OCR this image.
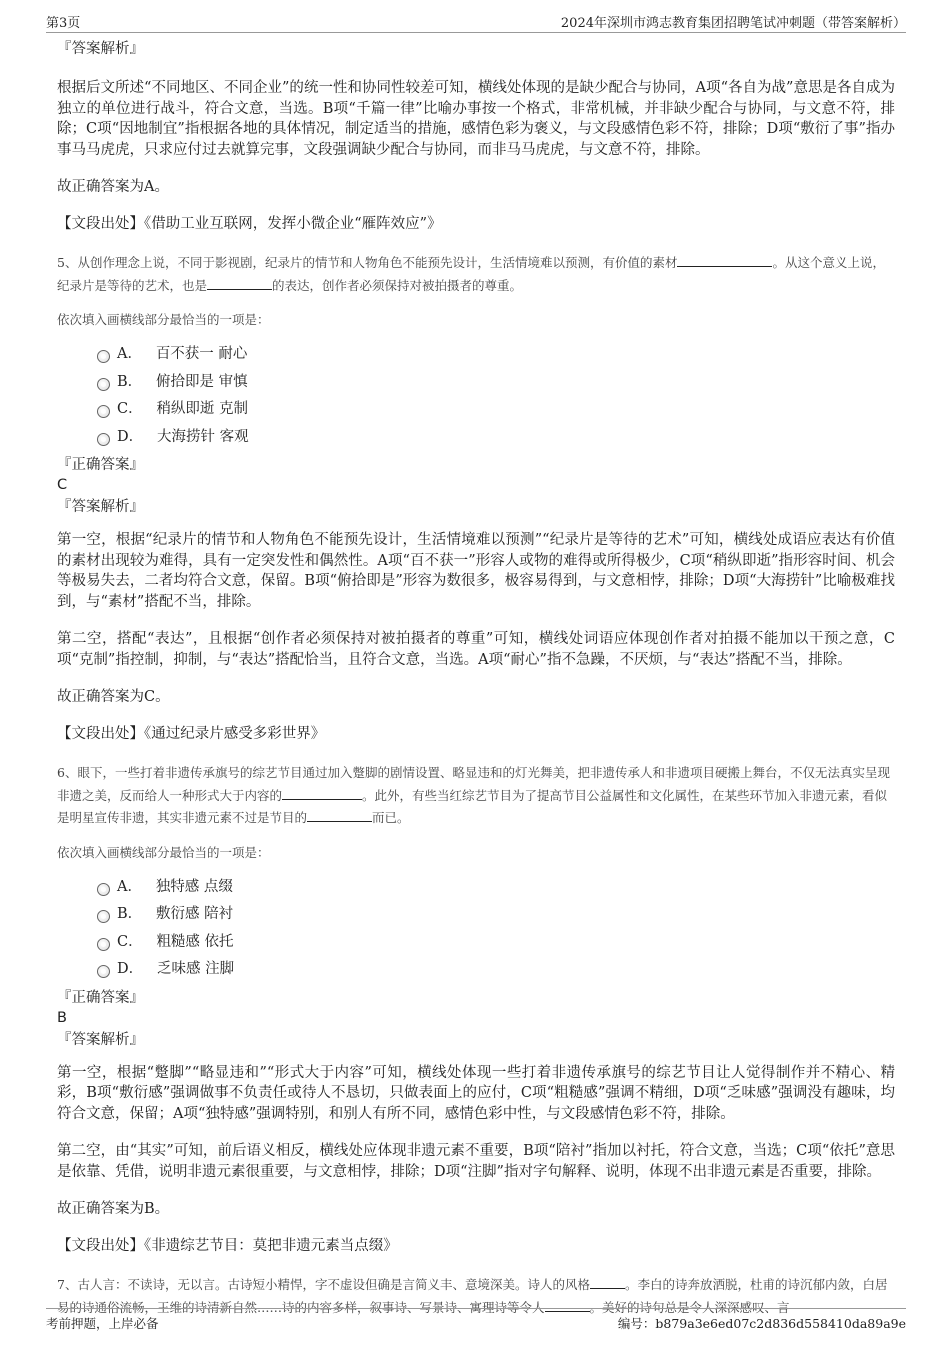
第3页	2024年深圳市鸿志教育集团招聘笔试冲刺题（带答案解析）
『答案解析』

根据后文所述“不同地区、不同企业”的统一性和协同性较差可知，横线处体现的是缺少配合与协同，A项“各自为战”意思是各自成为独立的单位进行战斗，符合文意，当选。B项“千篇一律”比喻办事按一个格式，非常机械，并非缺少配合与协同，与文意不符，排除；C项“因地制宜”指根据各地的具体情况，制定适当的措施，感情色彩为褒义，与文段感情色彩不符，排除；D项“敷衍了事”指办事马马虎虎，只求应付过去就算完事，文段强调缺少配合与协同，而非马马虎虎，与文意不符，排除。

故正确答案为A。

【文段出处】《借助工业互联网，发挥小微企业“雁阵效应”》

5、从创作理念上说，不同于影视剧，纪录片的情节和人物角色不能预先设计，生活情境难以预测，有价值的素材	。从这个意义上说，纪录片是等待的艺术，也是	的表达，创作者必须保持对被拍摄者的尊重。

依次填入画横线部分最恰当的一项是：

A． 百不获一 耐心
B． 俯拾即是 审慎
C． 稍纵即逝 克制
D． 大海捞针 客观
『正确答案』
C
『答案解析』

第一空，根据“纪录片的情节和人物角色不能预先设计，生活情境难以预测”“纪录片是等待的艺术”可知，横线处成语应表达有价值的素材出现较为难得，具有一定突发性和偶然性。A项“百不获一”形容人或物的难得或所得极少，C项“稍纵即逝”指形容时间、机会等极易失去，二者均符合文意，保留。B项“俯拾即是”形容为数很多，极容易得到，与文意相悖，排除；D项“大海捞针”比喻极难找到，与“素材”搭配不当，排除。

第二空，搭配“表达”，且根据“创作者必须保持对被拍摄者的尊重”可知，横线处词语应体现创作者对拍摄不能加以干预之意，C项“克制”指控制，抑制，与“表达”搭配恰当，且符合文意，当选。A项“耐心”指不急躁，不厌烦，与“表达”搭配不当，排除。

故正确答案为C。

【文段出处】《通过纪录片感受多彩世界》

6、眼下，一些打着非遗传承旗号的综艺节目通过加入蹩脚的剧情设置、略显违和的灯光舞美，把非遗传承人和非遗项目硬搬上舞台，不仅无法真实呈现非遗之美，反而给人一种形式大于内容的	。此外，有些当红综艺节目为了提高节目公益属性和文化属性，在某些环节加入非遗元素，看似是明星宣传非遗，其实非遗元素不过是节目的	而已。

依次填入画横线部分最恰当的一项是：

A． 独特感 点缀
B． 敷衍感 陪衬
C． 粗糙感 依托
D． 乏味感 注脚
『正确答案』
B
『答案解析』

第一空，根据“蹩脚”“略显违和”“形式大于内容”可知，横线处体现一些打着非遗传承旗号的综艺节目让人觉得制作并不精心、精彩，B项“敷衍感”强调做事不负责任或待人不恳切，只做表面上的应付，C项“粗糙感”强调不精细，D项“乏味感”强调没有趣味，均符合文意，保留；A项“独特感”强调特别，和别人有所不同，感情色彩中性，与文段感情色彩不符，排除。

第二空，由“其实”可知，前后语义相反，横线处应体现非遗元素不重要，B项“陪衬”指加以衬托，符合文意，当选；C项“依托”意思是依靠、凭借，说明非遗元素很重要，与文意相悖，排除；D项“注脚”指对字句解释、说明，体现不出非遗元素是否重要，排除。

故正确答案为B。

【文段出处】《非遗综艺节目：莫把非遗元素当点缀》

7、古人言：不读诗，无以言。古诗短小精悍，字不虚设但确是言简义丰、意境深美。诗人的风格	。李白的诗奔放洒脱，杜甫的诗沉郁内敛，白居易的诗通俗流畅，王维的诗清新自然……诗的内容多样，叙事诗、写景诗、寓理诗等令人	。美好的诗句总是令人深深感叹、言
考前押题，上岸必备	编号：b879a3e6ed07c2d836d558410da89a9e
